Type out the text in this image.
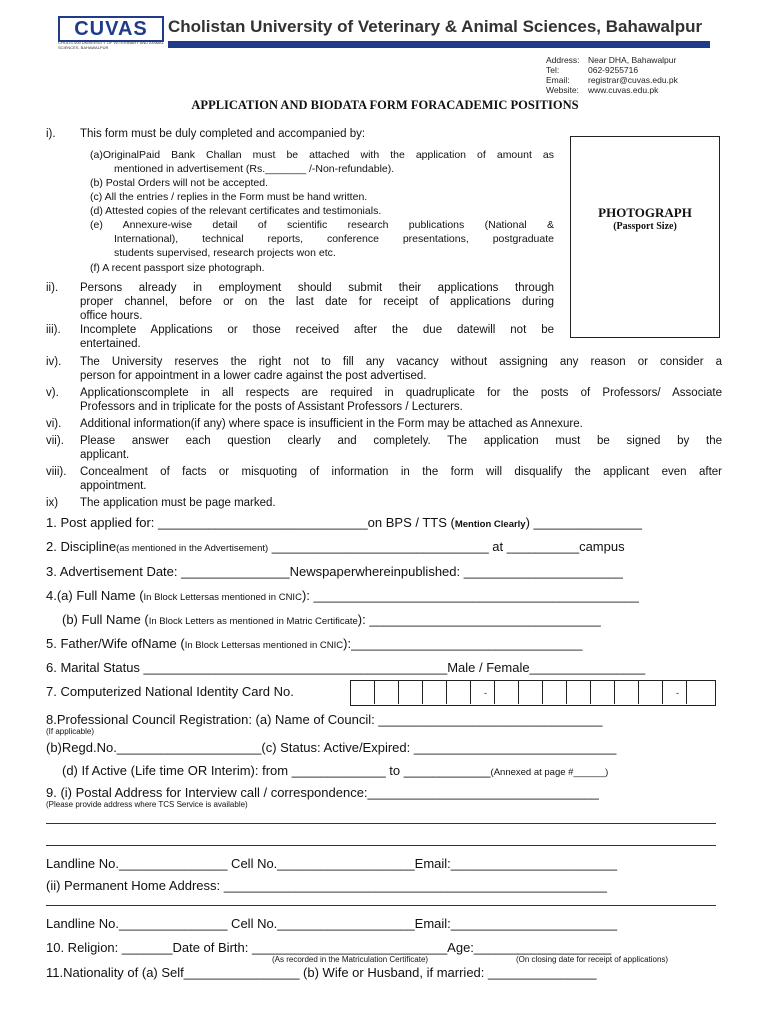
CUVAS
CHOLISTAN UNIVERSITY OF VETERINARY AND ANIMAL SCIENCES, BAHAWALPUR
Cholistan University of Veterinary & Animal Sciences, Bahawalpur
Address: Near DHA, Bahawalpur
Tel:	062-9255716
Email: registrar@cuvas.edu.pk
Website: www.cuvas.edu.pk
APPLICATION AND BIODATA FORM FORACADEMIC POSITIONS
PHOTOGRAPH
(Passport Size)
i). This form must be duly completed and accompanied by:
(a)OriginalPaid Bank Challan must be attached with the application of amount as
mentioned in advertisement (Rs._______ /-Non-refundable).
(b) Postal Orders will not be accepted.
(c) All the entries / replies in the Form must be hand written.
(d) Attested copies of the relevant certificates and testimonials.
(e) Annexure-wise detail of scientific research publications (National &
International), technical reports, conference presentations, postgraduate
students supervised, research projects won etc.
(f) A recent passport size photograph.
ii). Persons already in employment should submit their applications through
proper channel, before or on the last date for receipt of applications during
office hours.
iii). Incomplete Applications or those received after the due datewill not be
entertained.
iv). The University reserves the right not to fill any vacancy without assigning any reason or consider a
person for appointment in a lower cadre against the post advertised.
v). Applicationscomplete in all respects are required in quadruplicate for the posts of Professors/ Associate
Professors and in triplicate for the posts of Assistant Professors / Lecturers.
vi). Additional information(if any) where space is insufficient in the Form may be attached as Annexure.
vii). Please answer each question clearly and completely. The application must be signed by the
applicant.
viii). Concealment of facts or misquoting of information in the form will disqualify the applicant even after
appointment.
ix) The application must be page marked.
1. Post applied for: _____________________________on BPS / TTS (Mention Clearly) _______________
2. Discipline(as mentioned in the Advertisement) ______________________________ at __________campus
3. Advertisement Date: _______________Newspaperwhereinpublished: ______________________
4.(a) Full Name (In Block Lettersas mentioned in CNIC): _____________________________________________
(b) Full Name (In Block Letters as mentioned in Matric Certificate): ________________________________
5. Father/Wife ofName (In Block Lettersas mentioned in CNIC):________________________________
6. Marital Status __________________________________________Male / Female________________
7. Computerized National Identity Card No.	-	-
8.Professional Council Registration: (a) Name of Council: _______________________________
(If applicable)
(b)Regd.No.____________________(c) Status: Active/Expired: ____________________________
(d) If Active (Life time OR Interim): from _____________ to ____________(Annexed at page #______)
9. (i) Postal Address for Interview call / correspondence:________________________________
(Please provide address where TCS Service is available)
Landline No._______________ Cell No.___________________Email:_______________________
(ii) Permanent Home Address: _____________________________________________________
Landline No._______________ Cell No.___________________Email:_______________________
10. Religion: _______Date of Birth: ___________________________Age:___________________
(As recorded in the Matriculation Certificate)	(On closing date for receipt of applications)
11.Nationality of (a) Self________________ (b) Wife or Husband, if married: _______________
